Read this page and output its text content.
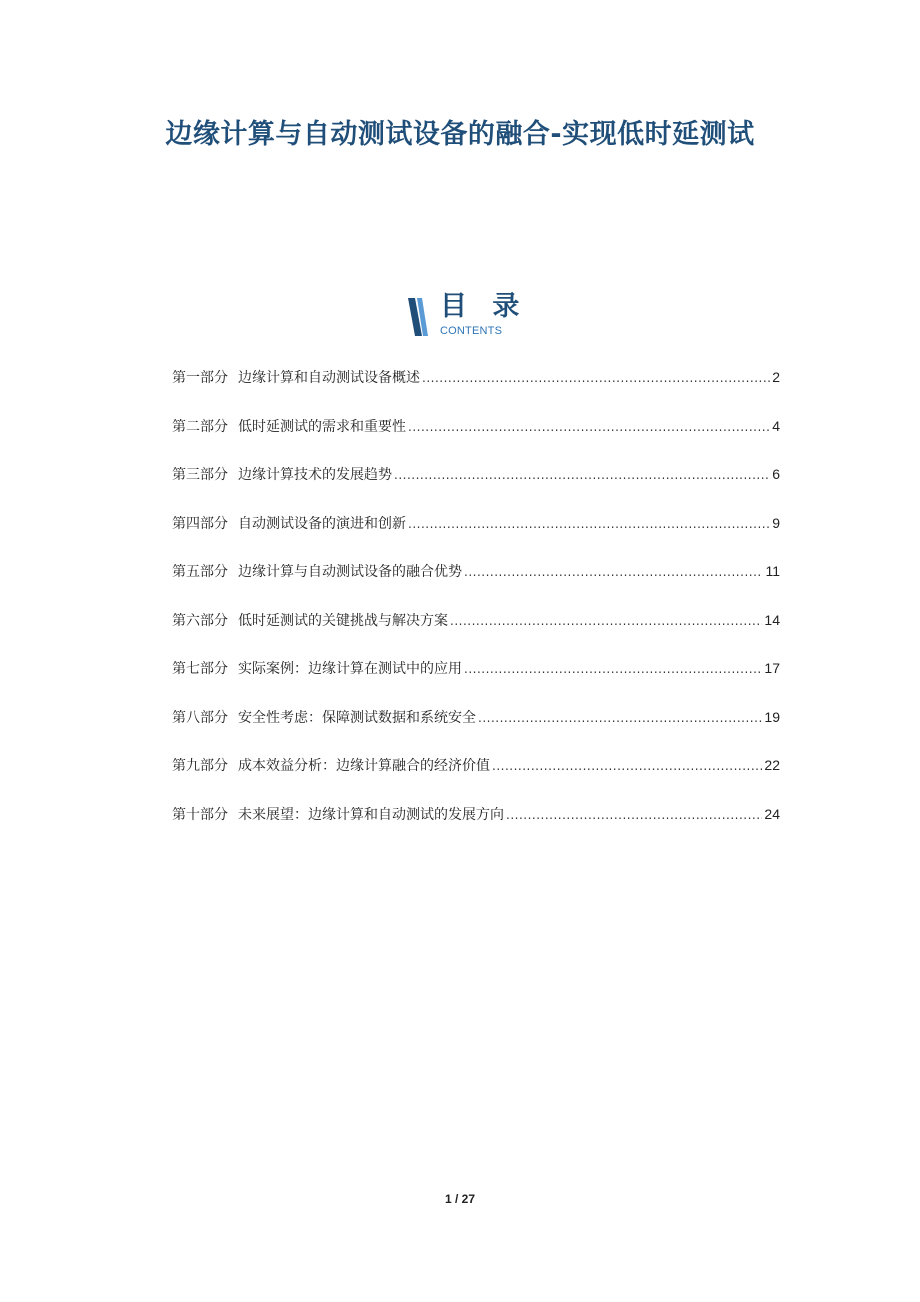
边缘计算与自动测试设备的融合-实现低时延测试
目 录
CONTENTS
第一部分 边缘计算和自动测试设备概述 .....	2
第二部分 低时延测试的需求和重要性 .....	4
第三部分 边缘计算技术的发展趋势 .....	6
第四部分 自动测试设备的演进和创新 .....	9
第五部分 边缘计算与自动测试设备的融合优势 .....	11
第六部分 低时延测试的关键挑战与解决方案 .....	14
第七部分 实际案例：边缘计算在测试中的应用 .....	17
第八部分 安全性考虑：保障测试数据和系统安全 .....	19
第九部分 成本效益分析：边缘计算融合的经济价值 .....	22
第十部分 未来展望：边缘计算和自动测试的发展方向 .....	24
1 / 27
